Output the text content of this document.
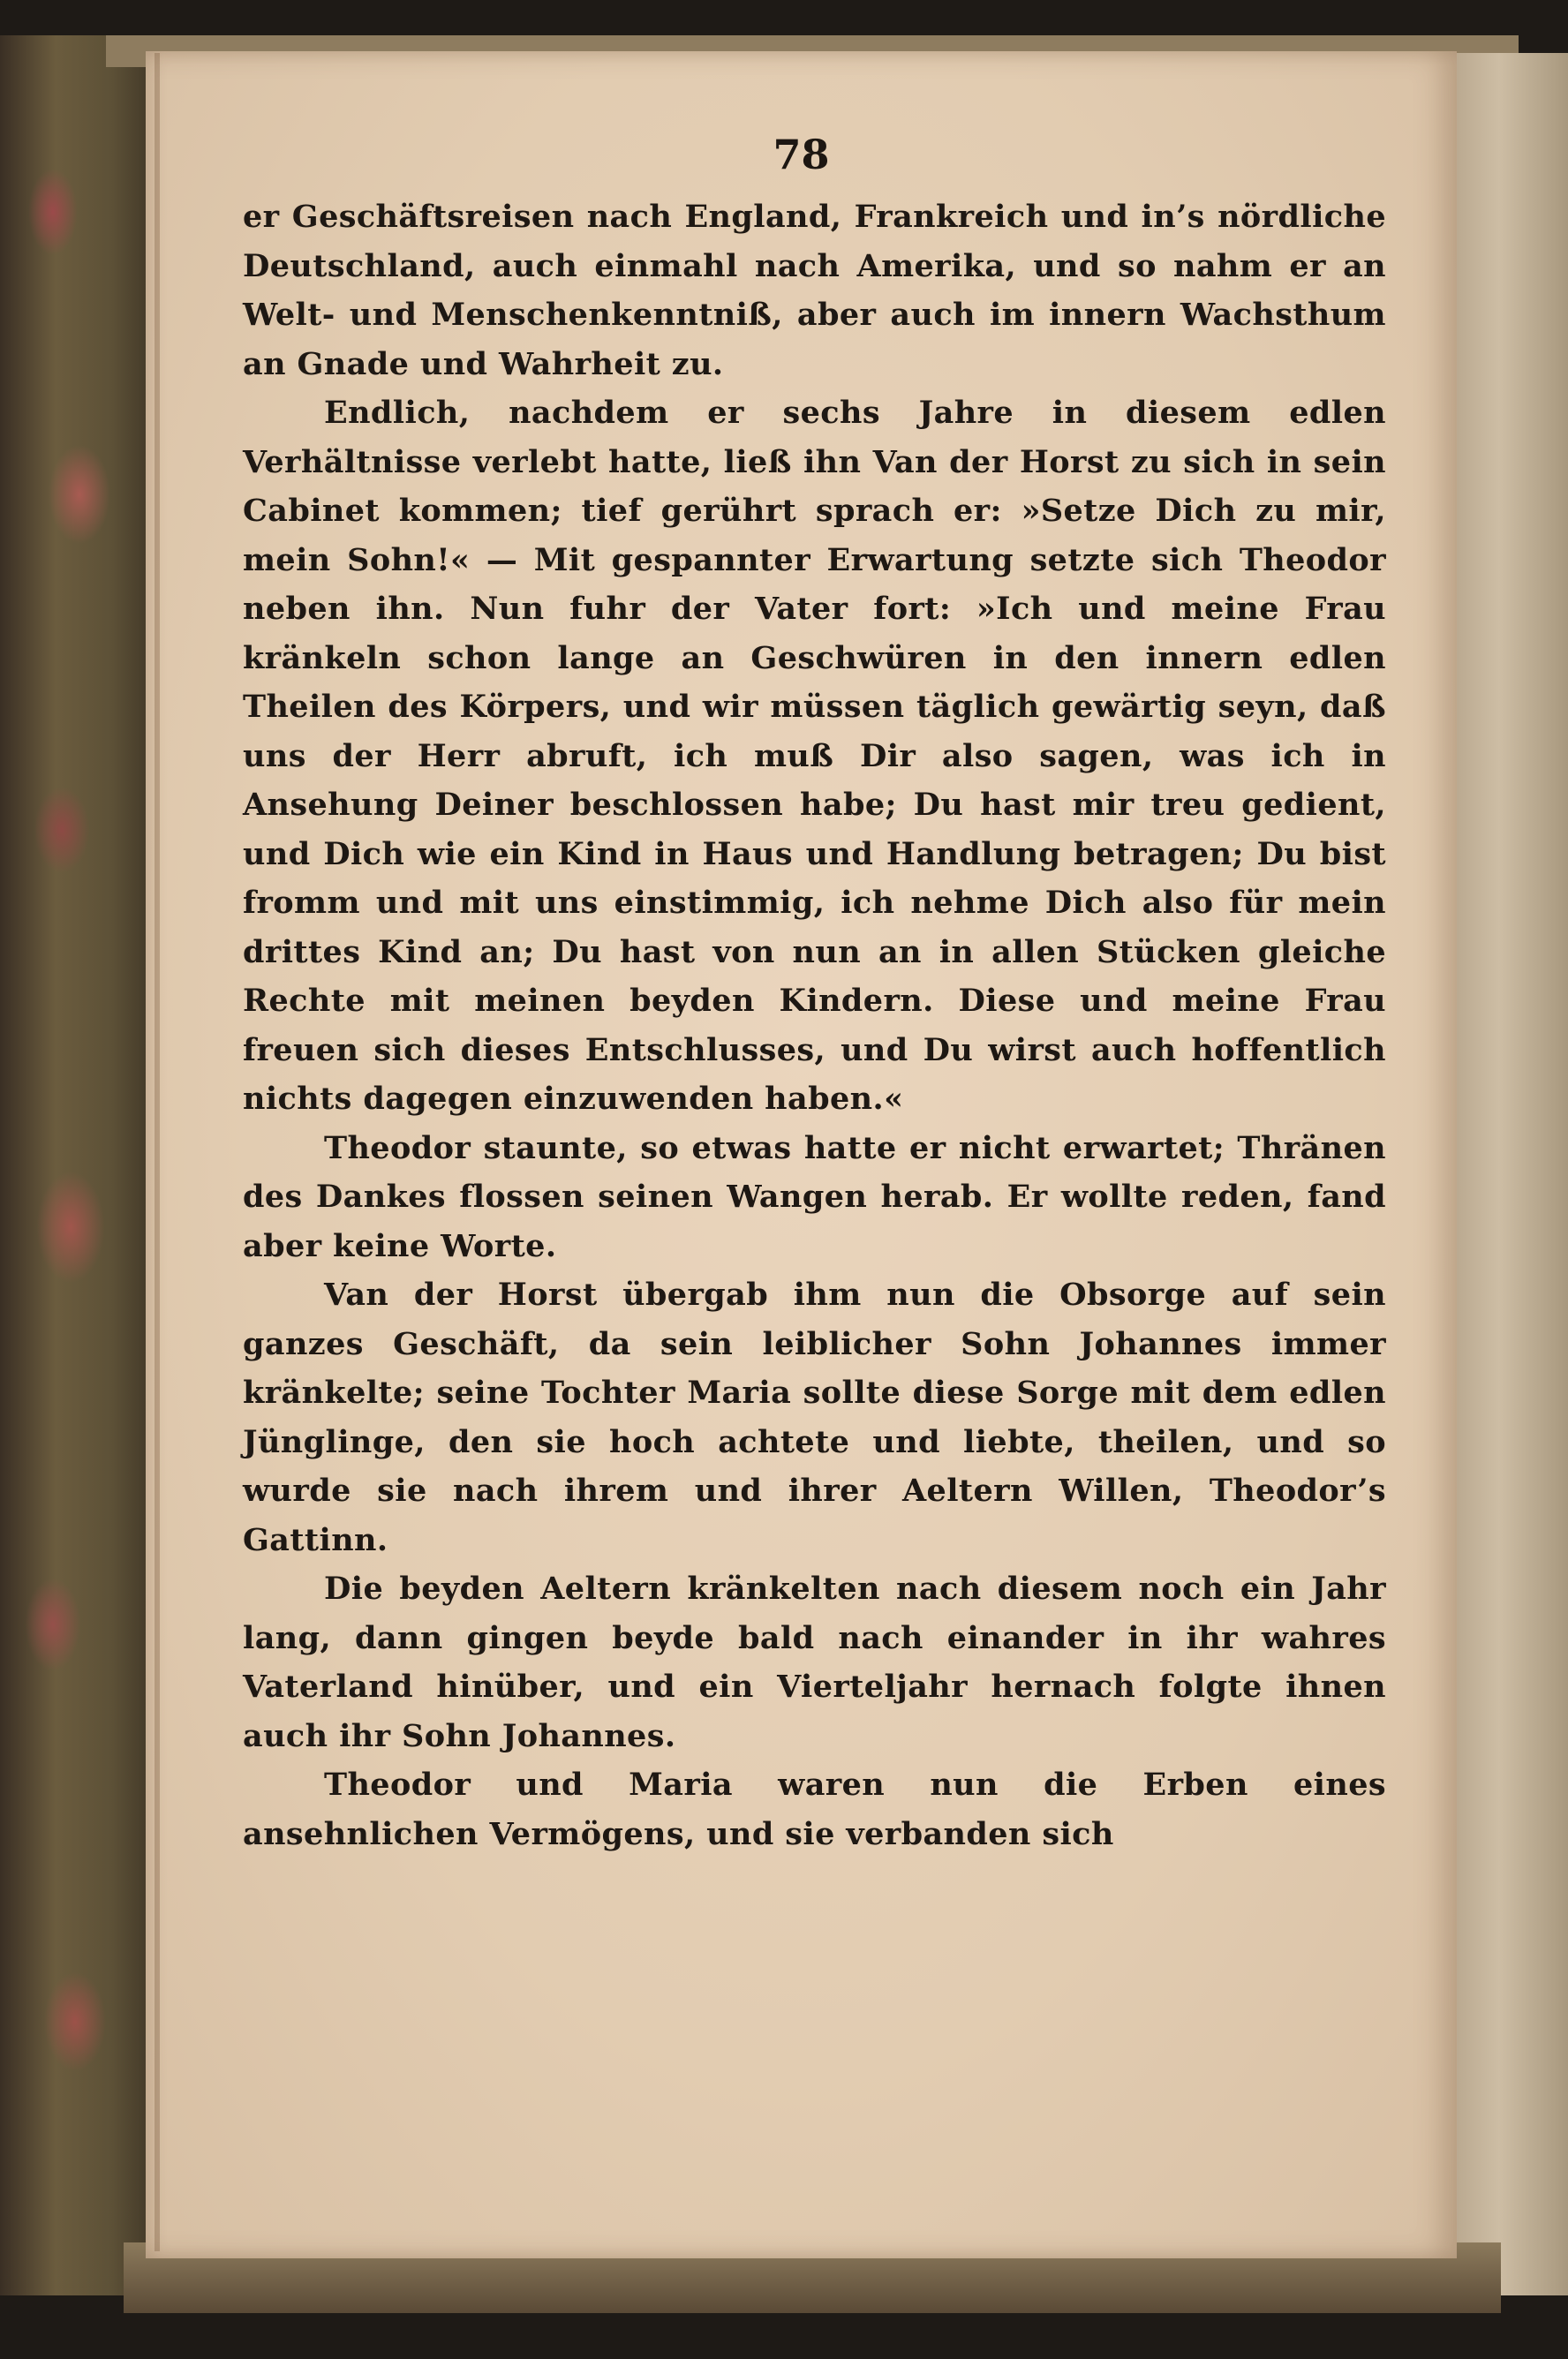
78

er Geschäftsreisen nach England, Frankreich und in’s nördliche Deutschland, auch einmahl nach Amerika, und so nahm er an Welt- und Menschenkenntniß, aber auch im innern Wachsthum an Gnade und Wahrheit zu.

Endlich, nachdem er sechs Jahre in diesem edlen Verhältnisse verlebt hatte, ließ ihn Van der Horst zu sich in sein Cabinet kommen; tief gerührt sprach er: »Setze Dich zu mir, mein Sohn!« — Mit gespannter Erwartung setzte sich Theodor neben ihn. Nun fuhr der Vater fort: »Ich und meine Frau kränkeln schon lange an Geschwüren in den innern edlen Theilen des Körpers, und wir müssen täglich gewärtig seyn, daß uns der Herr abruft, ich muß Dir also sagen, was ich in Ansehung Deiner beschlossen habe; Du hast mir treu gedient, und Dich wie ein Kind in Haus und Handlung betragen; Du bist fromm und mit uns einstimmig, ich nehme Dich also für mein drittes Kind an; Du hast von nun an in allen Stücken gleiche Rechte mit meinen beyden Kindern. Diese und meine Frau freuen sich dieses Entschlusses, und Du wirst auch hoffentlich nichts dagegen einzuwenden haben.«

Theodor staunte, so etwas hatte er nicht erwartet; Thränen des Dankes flossen seinen Wangen herab. Er wollte reden, fand aber keine Worte.

Van der Horst übergab ihm nun die Obsorge auf sein ganzes Geschäft, da sein leiblicher Sohn Johannes immer kränkelte; seine Tochter Maria sollte diese Sorge mit dem edlen Jünglinge, den sie hoch achtete und liebte, theilen, und so wurde sie nach ihrem und ihrer Aeltern Willen, Theodor’s Gattinn.

Die beyden Aeltern kränkelten nach diesem noch ein Jahr lang, dann gingen beyde bald nach einander in ihr wahres Vaterland hinüber, und ein Vierteljahr hernach folgte ihnen auch ihr Sohn Johannes.

Theodor und Maria waren nun die Erben eines ansehnlichen Vermögens, und sie verbanden sich
